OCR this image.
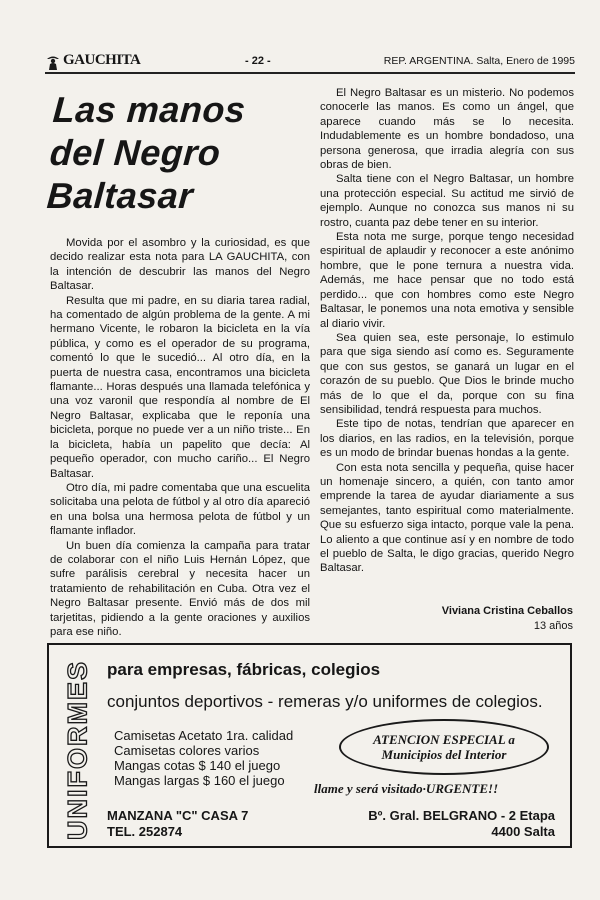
GAUCHITA	- 22 -	REP. ARGENTINA. Salta, Enero de 1995
Las manos
del Negro
Baltasar

Movida por el asombro y la curiosidad, es que decido realizar esta nota para LA GAUCHITA, con la intención de descubrir las manos del Negro Baltasar.

Resulta que mi padre, en su diaria tarea radial, ha comentado de algún problema de la gente. A mi hermano Vicente, le robaron la bicicleta en la vía pública, y como es el operador de su programa, comentó lo que le sucedió... Al otro día, en la puerta de nuestra casa, encontramos una bicicleta flamante... Horas después una llamada telefónica y una voz varonil que respondía al nombre de El Negro Baltasar, explicaba que le reponía una bicicleta, porque no puede ver a un niño triste... En la bicicleta, había un papelito que decía: Al pequeño operador, con mucho cariño... El Negro Baltasar.

Otro día, mi padre comentaba que una escuelita solicitaba una pelota de fútbol y al otro día apareció en una bolsa una hermosa pelota de fútbol y un flamante inflador.

Un buen día comienza la campaña para tratar de colaborar con el niño Luis Hernán López, que sufre parálisis cerebral y necesita hacer un tratamiento de rehabilitación en Cuba. Otra vez el Negro Baltasar presente. Envió más de dos mil tarjetitas, pidiendo a la gente oraciones y auxilios para ese niño.

El Negro Baltasar es un misterio. No podemos conocerle las manos. Es como un ángel, que aparece cuando más se lo necesita. Indudablemente es un hombre bondadoso, una persona generosa, que irradia alegría con sus obras de bien.

Salta tiene con el Negro Baltasar, un hombre una protección especial. Su actitud me sirvió de ejemplo. Aunque no conozca sus manos ni su rostro, cuanta paz debe tener en su interior.

Esta nota me surge, porque tengo necesidad espiritual de aplaudir y reconocer a este anónimo hombre, que le pone ternura a nuestra vida. Además, me hace pensar que no todo está perdido... que con hombres como este Negro Baltasar, le ponemos una nota emotiva y sensible al diario vivir.

Sea quien sea, este personaje, lo estimulo para que siga siendo así como es. Seguramente que con sus gestos, se ganará un lugar en el corazón de su pueblo. Que Dios le brinde mucho más de lo que el da, porque con su fina sensibilidad, tendrá respuesta para muchos.

Este tipo de notas, tendrían que aparecer en los diarios, en las radios, en la televisión, porque es un modo de brindar buenas hondas a la gente.

Con esta nota sencilla y pequeña, quise hacer un homenaje sincero, a quién, con tanto amor emprende la tarea de ayudar diariamente a sus semejantes, tanto espiritual como materialmente. Que su esfuerzo siga intacto, porque vale la pena. Lo aliento a que continue así y en nombre de todo el pueblo de Salta, le digo gracias, querido Negro Baltasar.

Viviana Cristina Ceballos
13 años
UNIFORMES para empresas, fábricas, colegios
conjuntos deportivos - remeras y/o uniformes de colegios.
Camisetas Acetato 1ra. calidad
Camisetas colores varios
Mangas cotas $ 140 el juego
Mangas largas $ 160 el juego
ATENCION ESPECIAL a
Municipios del Interior
llame y será visitado·URGENTE!!
MANZANA "C" CASA 7
TEL. 252874
Bº. Gral. BELGRANO - 2 Etapa
4400 Salta
